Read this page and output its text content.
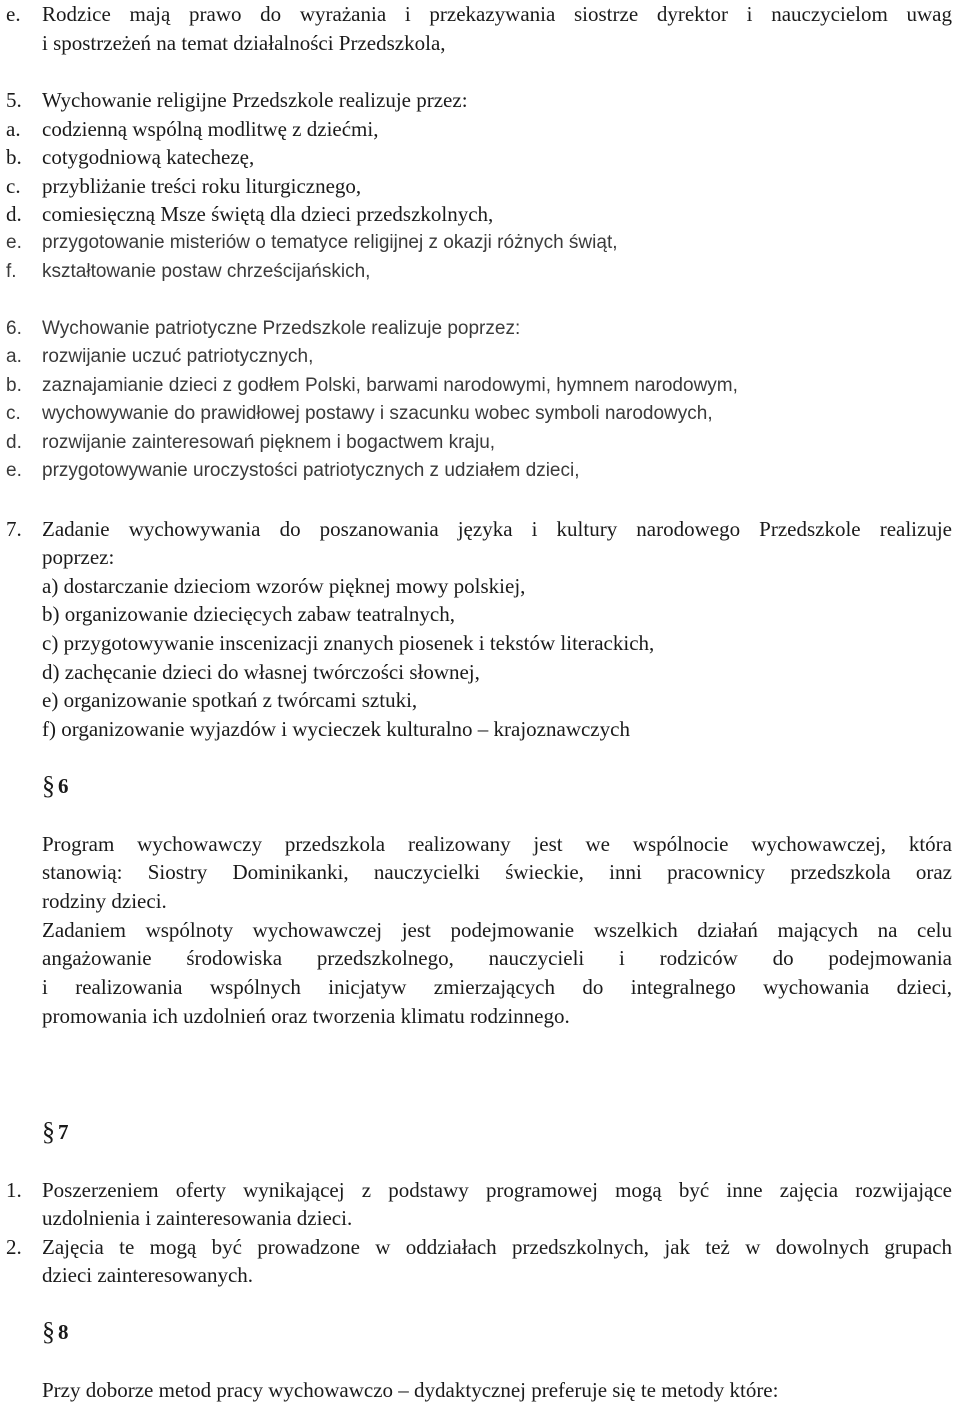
e. Rodzice mają prawo do wyrażania i przekazywania siostrze dyrektor i nauczycielom uwag
i spostrzeżeń na temat działalności Przedszkola,
5. Wychowanie religijne Przedszkole realizuje przez:
a. codzienną wspólną modlitwę z dziećmi,
b. cotygodniową katechezę,
c. przybliżanie treści roku liturgicznego,
d. comiesięczną Msze świętą dla dzieci przedszkolnych,
e. przygotowanie misteriów o tematyce religijnej z okazji różnych świąt,
f. kształtowanie postaw chrześcijańskich,
6. Wychowanie patriotyczne Przedszkole realizuje poprzez:
a. rozwijanie uczuć patriotycznych,
b. zaznajamianie dzieci z godłem Polski, barwami narodowymi, hymnem narodowym,
c. wychowywanie do prawidłowej postawy i szacunku wobec symboli narodowych,
d. rozwijanie zainteresowań pięknem i bogactwem kraju,
e. przygotowywanie uroczystości patriotycznych z udziałem dzieci,
7. Zadanie wychowywania do poszanowania języka i kultury narodowego Przedszkole realizuje
poprzez:
a) dostarczanie dzieciom wzorów pięknej mowy polskiej,
b) organizowanie dziecięcych zabaw teatralnych,
c) przygotowywanie inscenizacji znanych piosenek i tekstów literackich,
d) zachęcanie dzieci do własnej twórczości słownej,
e) organizowanie spotkań z twórcami sztuki,
f) organizowanie wyjazdów i wycieczek kulturalno – krajoznawczych
§ 6
Program wychowawczy przedszkola realizowany jest we wspólnocie wychowawczej, która
stanowią: Siostry Dominikanki, nauczycielki świeckie, inni pracownicy przedszkola oraz
rodziny dzieci.
Zadaniem wspólnoty wychowawczej jest podejmowanie wszelkich działań mających na celu
angażowanie środowiska przedszkolnego, nauczycieli i rodziców do podejmowania
i realizowania wspólnych inicjatyw zmierzających do integralnego wychowania dzieci,
promowania ich uzdolnień oraz tworzenia klimatu rodzinnego.
§ 7
1. Poszerzeniem oferty wynikającej z podstawy programowej mogą być inne zajęcia rozwijające
uzdolnienia i zainteresowania dzieci.
2. Zajęcia te mogą być prowadzone w oddziałach przedszkolnych, jak też w dowolnych grupach
dzieci zainteresowanych.
§ 8
Przy doborze metod pracy wychowawczo – dydaktycznej preferuje się te metody które:
